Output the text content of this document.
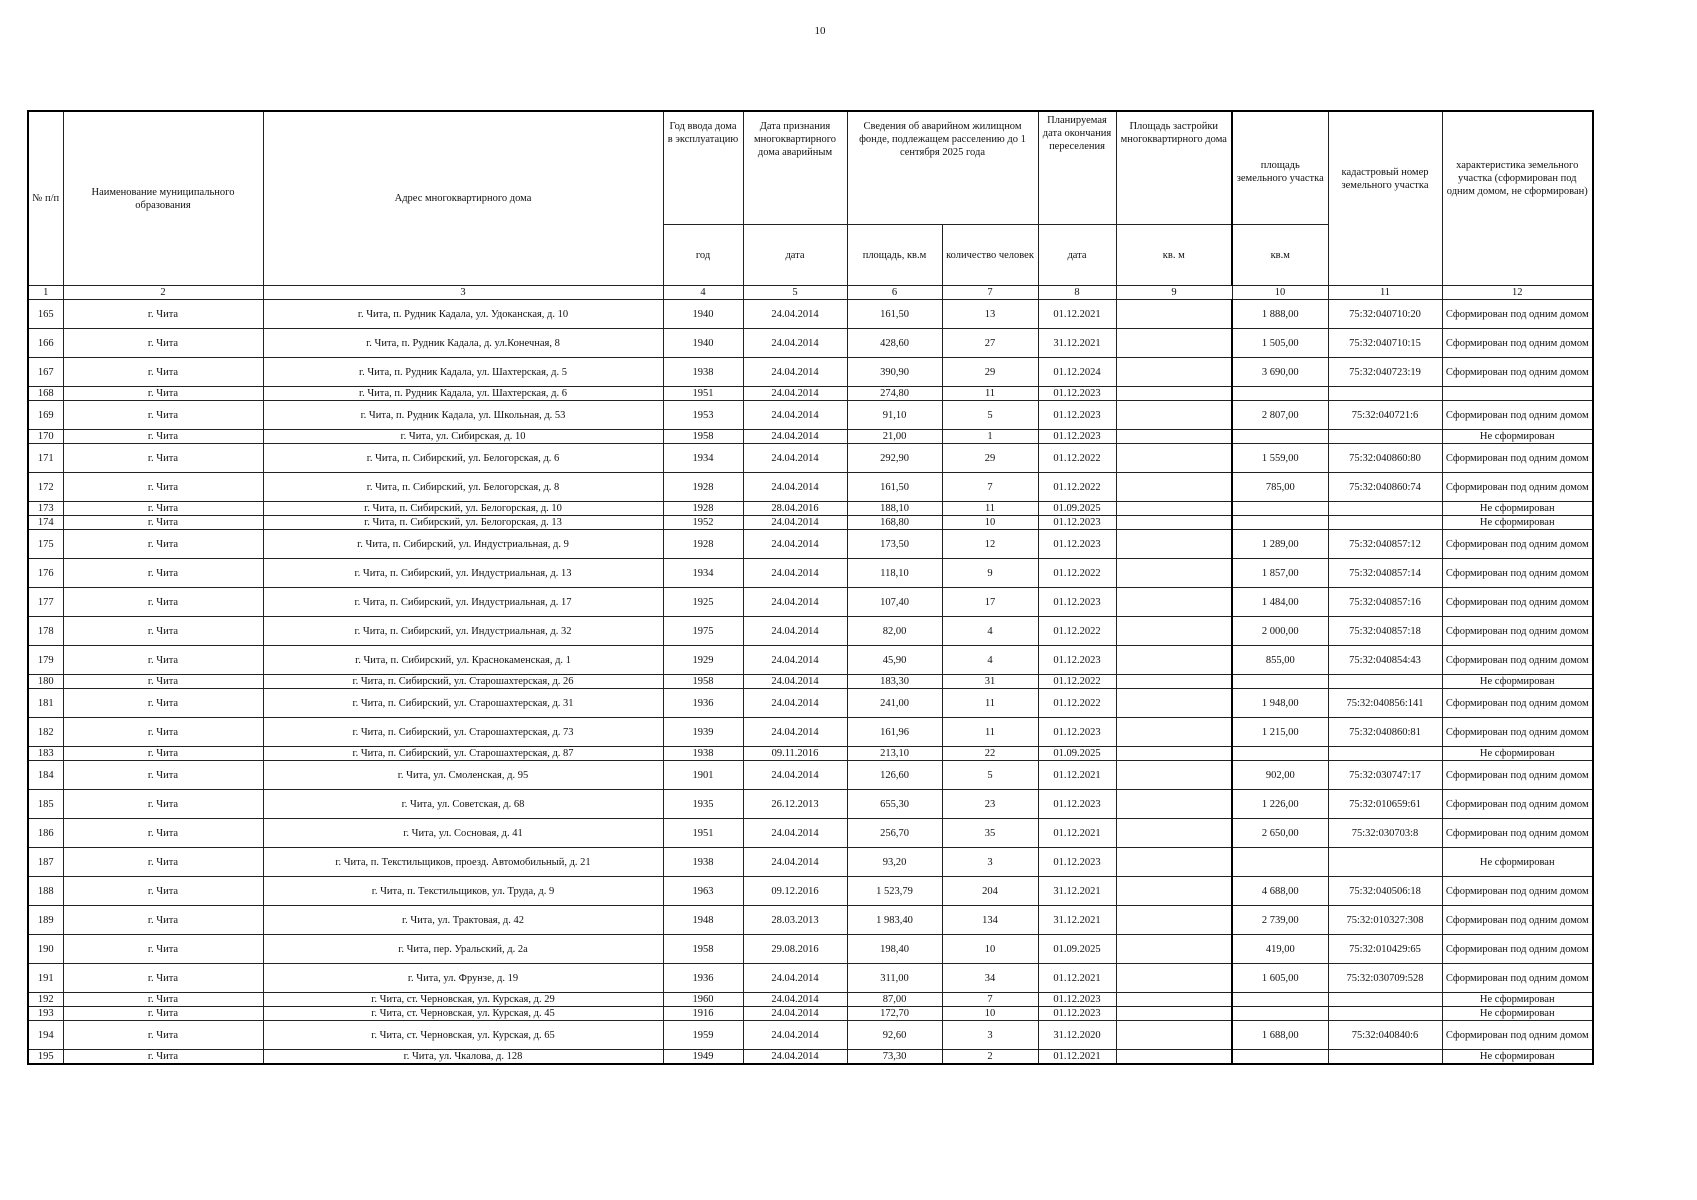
10
№ п/п	Наименование муниципального образования	Адрес многоквартирного дома	Год ввода дома в эксплуатацию	Дата признания многоквартирного дома аварийным	Сведения об аварийном жилищном фонде, подлежащем расселению до 1 сентября 2025 года		Планируемая дата окончания переселения	Площадь застройки многоквартирного дома	площадь земельного участка	кадастровый номер земельного участка	характеристика земельного участка (сформирован под одним домом, не сформирован)
			год	дата	площадь, кв.м	количество человек	дата	кв. м	кв.м		
1	2	3	4	5	6	7	8	9	10	11	12
165	г. Чита	г. Чита, п. Рудник Кадала, ул. Удоканская, д. 10	1940	24.04.2014	161,50	13	01.12.2021		1 888,00	75:32:040710:20	Сформирован под одним домом
166	г. Чита	г. Чита, п. Рудник Кадала, д. ул.Конечная, 8	1940	24.04.2014	428,60	27	31.12.2021		1 505,00	75:32:040710:15	Сформирован под одним домом
167	г. Чита	г. Чита, п. Рудник Кадала, ул. Шахтерская, д. 5	1938	24.04.2014	390,90	29	01.12.2024		3 690,00	75:32:040723:19	Сформирован под одним домом
168	г. Чита	г. Чита, п. Рудник Кадала, ул. Шахтерская, д. 6	1951	24.04.2014	274,80	11	01.12.2023				
169	г. Чита	г. Чита, п. Рудник Кадала, ул. Школьная, д. 53	1953	24.04.2014	91,10	5	01.12.2023		2 807,00	75:32:040721:6	Сформирован под одним домом
170	г. Чита	г. Чита, ул. Сибирская, д. 10	1958	24.04.2014	21,00	1	01.12.2023				Не сформирован
171	г. Чита	г. Чита, п. Сибирский, ул. Белогорская, д. 6	1934	24.04.2014	292,90	29	01.12.2022		1 559,00	75:32:040860:80	Сформирован под одним домом
172	г. Чита	г. Чита, п. Сибирский, ул. Белогорская, д. 8	1928	24.04.2014	161,50	7	01.12.2022		785,00	75:32:040860:74	Сформирован под одним домом
173	г. Чита	г. Чита, п. Сибирский, ул. Белогорская, д. 10	1928	28.04.2016	188,10	11	01.09.2025				Не сформирован
174	г. Чита	г. Чита, п. Сибирский, ул. Белогорская, д. 13	1952	24.04.2014	168,80	10	01.12.2023				Не сформирован
175	г. Чита	г. Чита, п. Сибирский, ул. Индустриальная, д. 9	1928	24.04.2014	173,50	12	01.12.2023		1 289,00	75:32:040857:12	Сформирован под одним домом
176	г. Чита	г. Чита, п. Сибирский, ул. Индустриальная, д. 13	1934	24.04.2014	118,10	9	01.12.2022		1 857,00	75:32:040857:14	Сформирован под одним домом
177	г. Чита	г. Чита, п. Сибирский, ул. Индустриальная, д. 17	1925	24.04.2014	107,40	17	01.12.2023		1 484,00	75:32:040857:16	Сформирован под одним домом
178	г. Чита	г. Чита, п. Сибирский, ул. Индустриальная, д. 32	1975	24.04.2014	82,00	4	01.12.2022		2 000,00	75:32:040857:18	Сформирован под одним домом
179	г. Чита	г. Чита, п. Сибирский, ул. Краснокаменская, д. 1	1929	24.04.2014	45,90	4	01.12.2023		855,00	75:32:040854:43	Сформирован под одним домом
180	г. Чита	г. Чита, п. Сибирский, ул. Старошахтерская, д. 26	1958	24.04.2014	183,30	31	01.12.2022				Не сформирован
181	г. Чита	г. Чита, п. Сибирский, ул. Старошахтерская, д. 31	1936	24.04.2014	241,00	11	01.12.2022		1 948,00	75:32:040856:141	Сформирован под одним домом
182	г. Чита	г. Чита, п. Сибирский, ул. Старошахтерская, д. 73	1939	24.04.2014	161,96	11	01.12.2023		1 215,00	75:32:040860:81	Сформирован под одним домом
183	г. Чита	г. Чита, п. Сибирский, ул. Старошахтерская, д. 87	1938	09.11.2016	213,10	22	01.09.2025				Не сформирован
184	г. Чита	г. Чита, ул. Смоленская, д. 95	1901	24.04.2014	126,60	5	01.12.2021		902,00	75:32:030747:17	Сформирован под одним домом
185	г. Чита	г. Чита, ул. Советская, д. 68	1935	26.12.2013	655,30	23	01.12.2023		1 226,00	75:32:010659:61	Сформирован под одним домом
186	г. Чита	г. Чита, ул. Сосновая, д. 41	1951	24.04.2014	256,70	35	01.12.2021		2 650,00	75:32:030703:8	Сформирован под одним домом
187	г. Чита	г. Чита, п. Текстильщиков, проезд. Автомобильный, д. 21	1938	24.04.2014	93,20	3	01.12.2023				Не сформирован
188	г. Чита	г. Чита, п. Текстильщиков, ул. Труда, д. 9	1963	09.12.2016	1 523,79	204	31.12.2021		4 688,00	75:32:040506:18	Сформирован под одним домом
189	г. Чита	г. Чита, ул. Трактовая, д. 42	1948	28.03.2013	1 983,40	134	31.12.2021		2 739,00	75:32:010327:308	Сформирован под одним домом
190	г. Чита	г. Чита, пер. Уральский, д. 2а	1958	29.08.2016	198,40	10	01.09.2025		419,00	75:32:010429:65	Сформирован под одним домом
191	г. Чита	г. Чита, ул. Фрунзе, д. 19	1936	24.04.2014	311,00	34	01.12.2021		1 605,00	75:32:030709:528	Сформирован под одним домом
192	г. Чита	г. Чита, ст. Черновская, ул. Курская, д. 29	1960	24.04.2014	87,00	7	01.12.2023				Не сформирован
193	г. Чита	г. Чита, ст. Черновская, ул. Курская, д. 45	1916	24.04.2014	172,70	10	01.12.2023				Не сформирован
194	г. Чита	г. Чита, ст. Черновская, ул. Курская, д. 65	1959	24.04.2014	92,60	3	31.12.2020		1 688,00	75:32:040840:6	Сформирован под одним домом
195	г. Чита	г. Чита, ул. Чкалова, д. 128	1949	24.04.2014	73,30	2	01.12.2021				Не сформирован
